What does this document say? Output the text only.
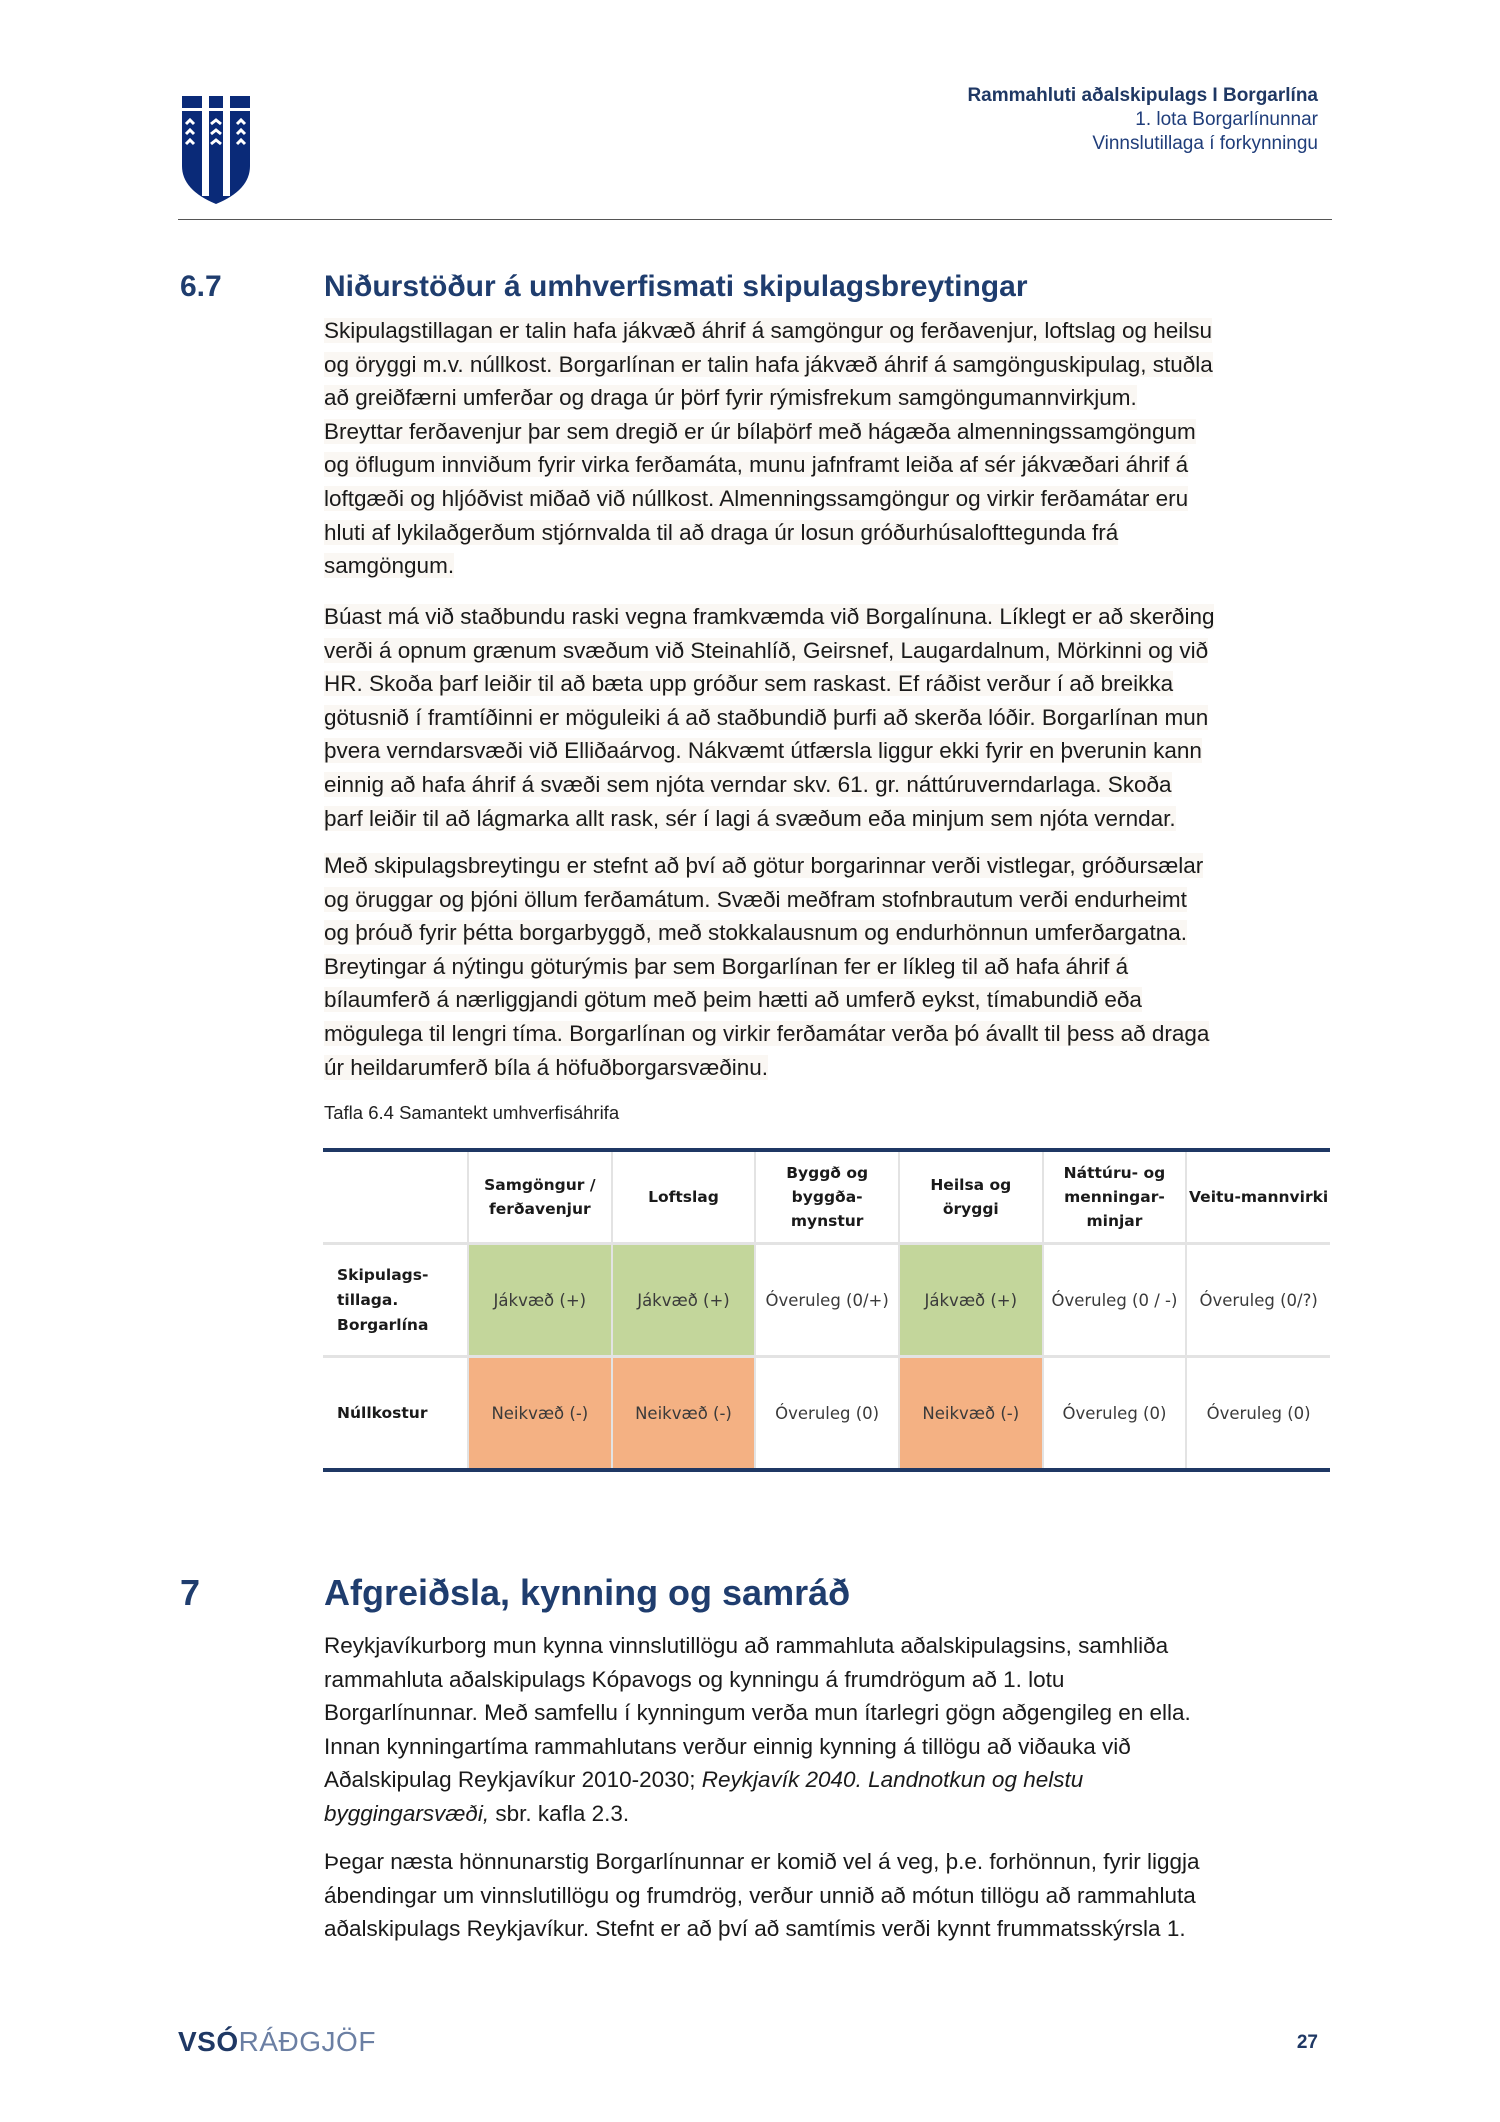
Rammahluti aðalskipulags I Borgarlína
1. lota Borgarlínunnar
Vinnslutillaga í forkynningu
6.7	Niðurstöður á umhverfismati skipulagsbreytingar
Skipulagstillagan er talin hafa jákvæð áhrif á samgöngur og ferðavenjur, loftslag og heilsu
og öryggi m.v. núllkost. Borgarlínan er talin hafa jákvæð áhrif á samgönguskipulag, stuðla
að greiðfærni umferðar og draga úr þörf fyrir rýmisfrekum samgöngumannvirkjum.
Breyttar ferðavenjur þar sem dregið er úr bílaþörf með hágæða almenningssamgöngum
og öflugum innviðum fyrir virka ferðamáta, munu jafnframt leiða af sér jákvæðari áhrif á
loftgæði og hljóðvist miðað við núllkost. Almenningssamgöngur og virkir ferðamátar eru
hluti af lykilaðgerðum stjórnvalda til að draga úr losun gróðurhúsalofttegunda frá
samgöngum.
Búast má við staðbundu raski vegna framkvæmda við Borgalínuna. Líklegt er að skerðing
verði á opnum grænum svæðum við Steinahlíð, Geirsnef, Laugardalnum, Mörkinni og við
HR. Skoða þarf leiðir til að bæta upp gróður sem raskast. Ef ráðist verður í að breikka
götusnið í framtíðinni er möguleiki á að staðbundið þurfi að skerða lóðir. Borgarlínan mun
þvera verndarsvæði við Elliðaárvog. Nákvæmt útfærsla liggur ekki fyrir en þverunin kann
einnig að hafa áhrif á svæði sem njóta verndar skv. 61. gr. náttúruverndarlaga. Skoða
þarf leiðir til að lágmarka allt rask, sér í lagi á svæðum eða minjum sem njóta verndar.
Með skipulagsbreytingu er stefnt að því að götur borgarinnar verði vistlegar, gróðursælar
og öruggar og þjóni öllum ferðamátum. Svæði meðfram stofnbrautum verði endurheimt
og þróuð fyrir þétta borgarbyggð, með stokkalausnum og endurhönnun umferðargatna.
Breytingar á nýtingu göturýmis þar sem Borgarlínan fer er líkleg til að hafa áhrif á
bílaumferð á nærliggjandi götum með þeim hætti að umferð eykst, tímabundið eða
mögulega til lengri tíma. Borgarlínan og virkir ferðamátar verða þó ávallt til þess að draga
úr heildarumferð bíla á höfuðborgarsvæðinu.
Tafla 6.4 Samantekt umhverfisáhrifa
	Samgöngur / ferðavenjur	Loftslag	Byggð og byggða-mynstur	Heilsa og öryggi	Náttúru- og menningar-minjar	Veitu-mannvirki
Skipulags-tillaga. Borgarlína	Jákvæð (+)	Jákvæð (+)	Óveruleg (0/+)	Jákvæð (+)	Óveruleg (0 / -)	Óveruleg (0/?)
Núllkostur	Neikvæð (-)	Neikvæð (-)	Óveruleg (0)	Neikvæð (-)	Óveruleg (0)	Óveruleg (0)
7	Afgreiðsla, kynning og samráð
Reykjavíkurborg mun kynna vinnslutillögu að rammahluta aðalskipulagsins, samhliða
rammahluta aðalskipulags Kópavogs og kynningu á frumdrögum að 1. lotu
Borgarlínunnar. Með samfellu í kynningum verða mun ítarlegri gögn aðgengileg en ella.
Innan kynningartíma rammahlutans verður einnig kynning á tillögu að viðauka við
Aðalskipulag Reykjavíkur 2010-2030; Reykjavík 2040. Landnotkun og helstu
byggingarsvæði, sbr. kafla 2.3.
Þegar næsta hönnunarstig Borgarlínunnar er komið vel á veg, þ.e. forhönnun, fyrir liggja
ábendingar um vinnslutillögu og frumdrög, verður unnið að mótun tillögu að rammahluta
aðalskipulags Reykjavíkur. Stefnt er að því að samtímis verði kynnt frummatsskýrsla 1.
VSÓRÁÐGJÖF	27
